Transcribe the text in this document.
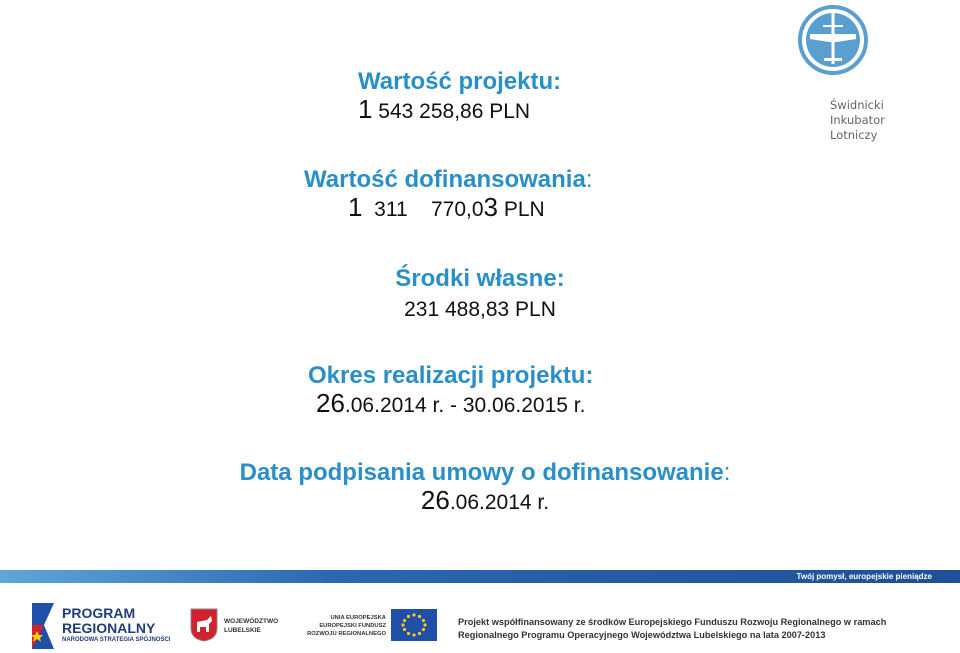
Świdnicki
Inkubator
Lotniczy
Wartość projektu:
1 543 258,86 PLN
Wartość dofinansowania:
1  311    770,03 PLN
Środki własne:
231 488,83 PLN
Okres realizacji projektu:
26.06.2014 r. - 30.06.2015 r.
Data podpisania umowy o dofinansowanie:
26.06.2014 r.
Twój pomysł, europejskie pieniądze
PROGRAM
REGIONALNY
NARODOWA STRATEGIA SPÓJNOŚCI
WOJEWÓDZTWO
LUBELSKIE
UNIA EUROPEJSKA
EUROPEJSKI FUNDUSZ
ROZWOJU REGIONALNEGO
Projekt współfinansowany ze środków Europejskiego Funduszu Rozwoju Regionalnego w ramach
Regionalnego Programu Operacyjnego Województwa Lubelskiego na lata 2007-2013
